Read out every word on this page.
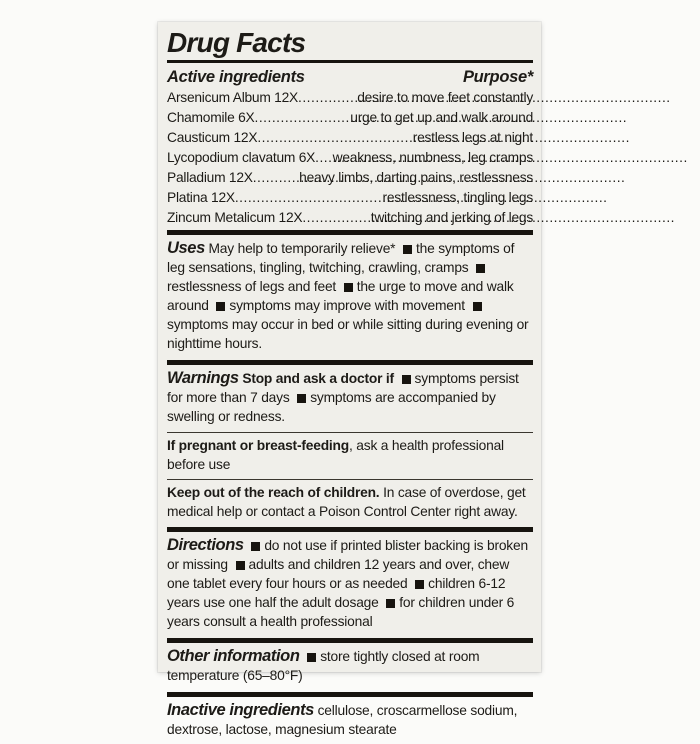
Drug Facts
Active ingredients	Purpose*
Arsenicum Album 12X .....	desire to move feet constantly
Chamomile 6X .....	urge to get up and walk around
Causticum 12X .....	restless legs at night
Lycopodium clavatum 6X ..... weakness, numbness, leg cramps
Palladium 12X .....	heavy limbs, darting pains, restlessness
Platina 12X .....	restlessness, tingling legs
Zincum Metalicum 12X .....	twitching and jerking of legs

Uses May help to temporarily relieve* the symptoms of leg sensations, tingling, twitching, crawling, cramps restlessness of legs and feet the urge to move and walk around symptoms may improve with movement symptoms may occur in bed or while sitting during evening or nighttime hours.

Warnings Stop and ask a doctor if symptoms persist for more than 7 days symptoms are accompanied by swelling or redness.

If pregnant or breast-feeding, ask a health professional before use

Keep out of the reach of children. In case of overdose, get medical help or contact a Poison Control Center right away.

Directions do not use if printed blister backing is broken or missing adults and children 12 years and over, chew one tablet every four hours or as needed children 6-12 years use one half the adult dosage for children under 6 years consult a health professional

Other information store tightly closed at room temperature (65–80°F)

Inactive ingredients cellulose, croscarmellose sodium, dextrose, lactose, magnesium stearate
